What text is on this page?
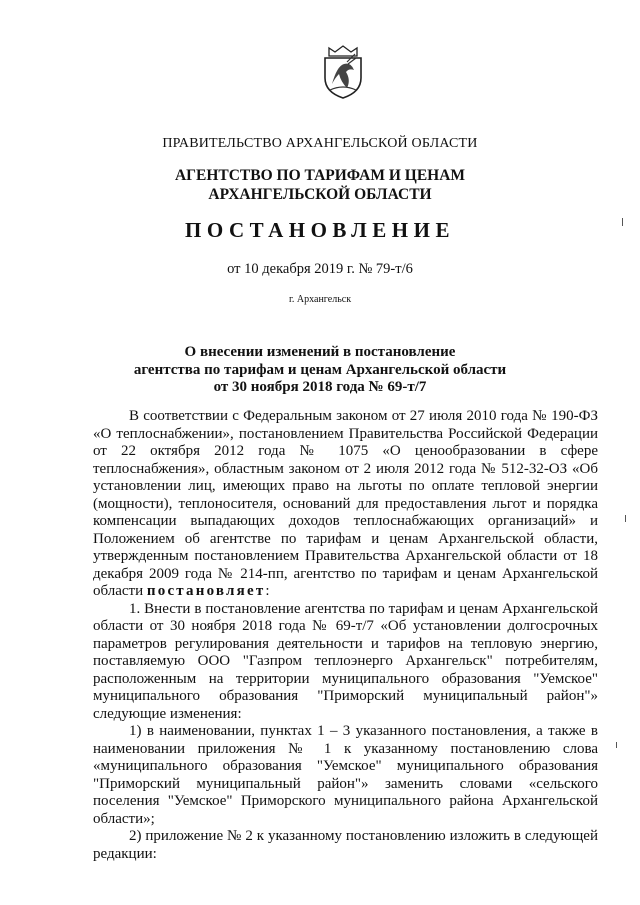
ПРАВИТЕЛЬСТВО АРХАНГЕЛЬСКОЙ ОБЛАСТИ
АГЕНТСТВО ПО ТАРИФАМ И ЦЕНАМ
АРХАНГЕЛЬСКОЙ ОБЛАСТИ
ПОСТАНОВЛЕНИЕ
от 10 декабря 2019 г. № 79-т/6
г. Архангельск
О внесении изменений в постановление
агентства по тарифам и ценам Архангельской области
от 30 ноября 2018 года № 69-т/7

В соответствии с Федеральным законом от 27 июля 2010 года № 190-ФЗ «О теплоснабжении», постановлением Правительства Российской Федерации от 22 октября 2012 года № 1075 «О ценообразовании в сфере теплоснабжения», областным законом от 2 июля 2012 года № 512-32-ОЗ «Об установлении лиц, имеющих право на льготы по оплате тепловой энергии (мощности), теплоносителя, оснований для предоставления льгот и порядка компенсации выпадающих доходов теплоснабжающих организаций» и Положением об агентстве по тарифам и ценам Архангельской области, утвержденным постановлением Правительства Архангельской области от 18 декабря 2009 года № 214-пп, агентство по тарифам и ценам Архангельской области постановляет:

1. Внести в постановление агентства по тарифам и ценам Архангельской области от 30 ноября 2018 года № 69-т/7 «Об установлении долгосрочных параметров регулирования деятельности и тарифов на тепловую энергию, поставляемую ООО "Газпром теплоэнерго Архангельск" потребителям, расположенным на территории муниципального образования "Уемское" муниципального образования "Приморский муниципальный район"» следующие изменения:

1) в наименовании, пунктах 1 – 3 указанного постановления, а также в наименовании приложения № 1 к указанному постановлению слова «муниципального образования "Уемское" муниципального образования "Приморский муниципальный район"» заменить словами «сельского поселения "Уемское" Приморского муниципального района Архангельской области»;

2) приложение № 2 к указанному постановлению изложить в следующей редакции:
